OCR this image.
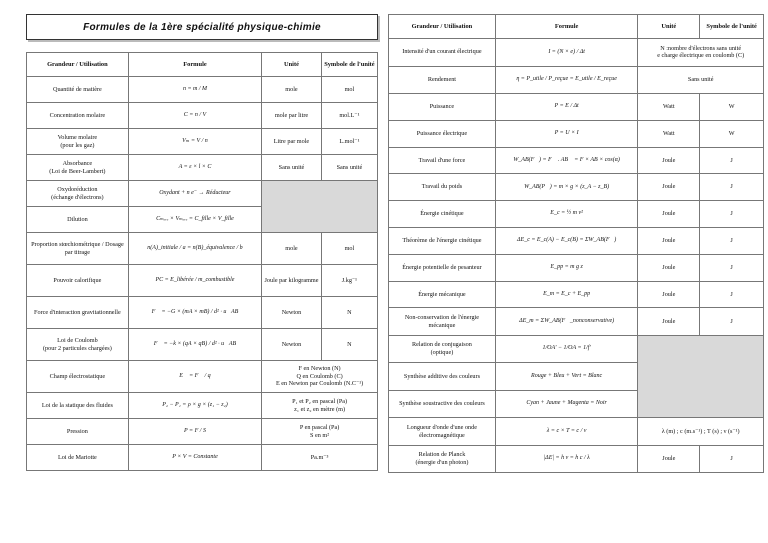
Formules de la 1ère spécialité physique-chimie
Grandeur / Utilisation	Formule	Unité	Symbole de l'unité
Quantité de matière	n = m / M	mole	mol
Concentration molaire	C = n / V	mole par litre	mol.L⁻¹
Volume molaire
(pour les gaz)	Vₘ = V / n	Litre par mole	L.mol⁻¹
Absorbance
(Loi de Beer-Lambert)	A = ε × l × C	Sans unité	Sans unité
Oxydoréduction
(échange d'électrons)	Oxydant + n e⁻ → Réducteur		
Dilution	Cₘₑᵣₑ × Vₘₑᵣₑ = C_fille × V_fille		
Proportion stœchiométrique / Dosage par titrage	n(A)_initiale / a = n(B)_équivalence / b	mole	mol
Pouvoir calorifique	PC = E_libérée / m_combustible	Joule par kilogramme	J.kg⁻¹
Force d'interaction gravitationnelle	F⃗ = −G × (mA × mB) / d² · u⃗AB	Newton	N
Loi de Coulomb
(pour 2 particules chargées)	F⃗ = −k × (qA × qB) / d² · u⃗AB	Newton	N
Champ électrostatique	E⃗ = F⃗ / q	F en Newton (N)
Q en Coulomb (C)
E en Newton par Coulomb (N.C⁻¹)	
Loi de la statique des fluides	P₂ − P₁ = ρ × g × (z₁ − z₂)	P₁ et P₂ en pascal (Pa)
z₁ et z₂ en mètre (m)	
Pression	P = F / S	P en pascal (Pa)
S en m²	
Loi de Mariotte	P × V = Constante	Pa.m⁻³	
Grandeur / Utilisation	Formule	Unité	Symbole de l'unité
Intensité d'un courant électrique	I = (N × e) / Δt	N :nombre d'électrons sans unité
e charge électrique en coulomb (C)	
Rendement	η = P_utile / P_reçue = E_utile / E_reçue	Sans unité	
Puissance	P = E / Δt	Watt	W
Puissance électrique	P = U × I	Watt	W
Travail d'une force	W_AB(F⃗) = F⃗ . AB⃗ = F × AB × cos(α)	Joule	J
Travail du poids	W_AB(P⃗) = m × g × (z_A − z_B)	Joule	J
Énergie cinétique	E_c = ½ m v²	Joule	J
Théorème de l'énergie cinétique	ΔE_c = E_c(A) − E_c(B) = ΣW_AB(F⃗)	Joule	J
Énergie potentielle de pesanteur	E_pp = m g z	Joule	J
Énergie mécanique	E_m = E_c + E_pp	Joule	J
Non-conservation de l'énergie mécanique	ΔE_m = ΣW_AB(F⃗_nonconservative)	Joule	J
Relation de conjugaison
(optique)	1/OA' − 1/OA = 1/f'		
Synthèse additive des couleurs	Rouge + Bleu + Vert = Blanc		
Synthèse soustractive des couleurs	Cyan + Jaune + Magenta = Noir		
Longueur d'onde d'une onde électromagnétique	λ = c × T = c / ν	λ (m) ; c (m.s⁻¹) ; T (s) ; ν (s⁻¹)	
Relation de Planck
(énergie d'un photon)	|ΔE| = h ν = h c / λ	Joule	J
